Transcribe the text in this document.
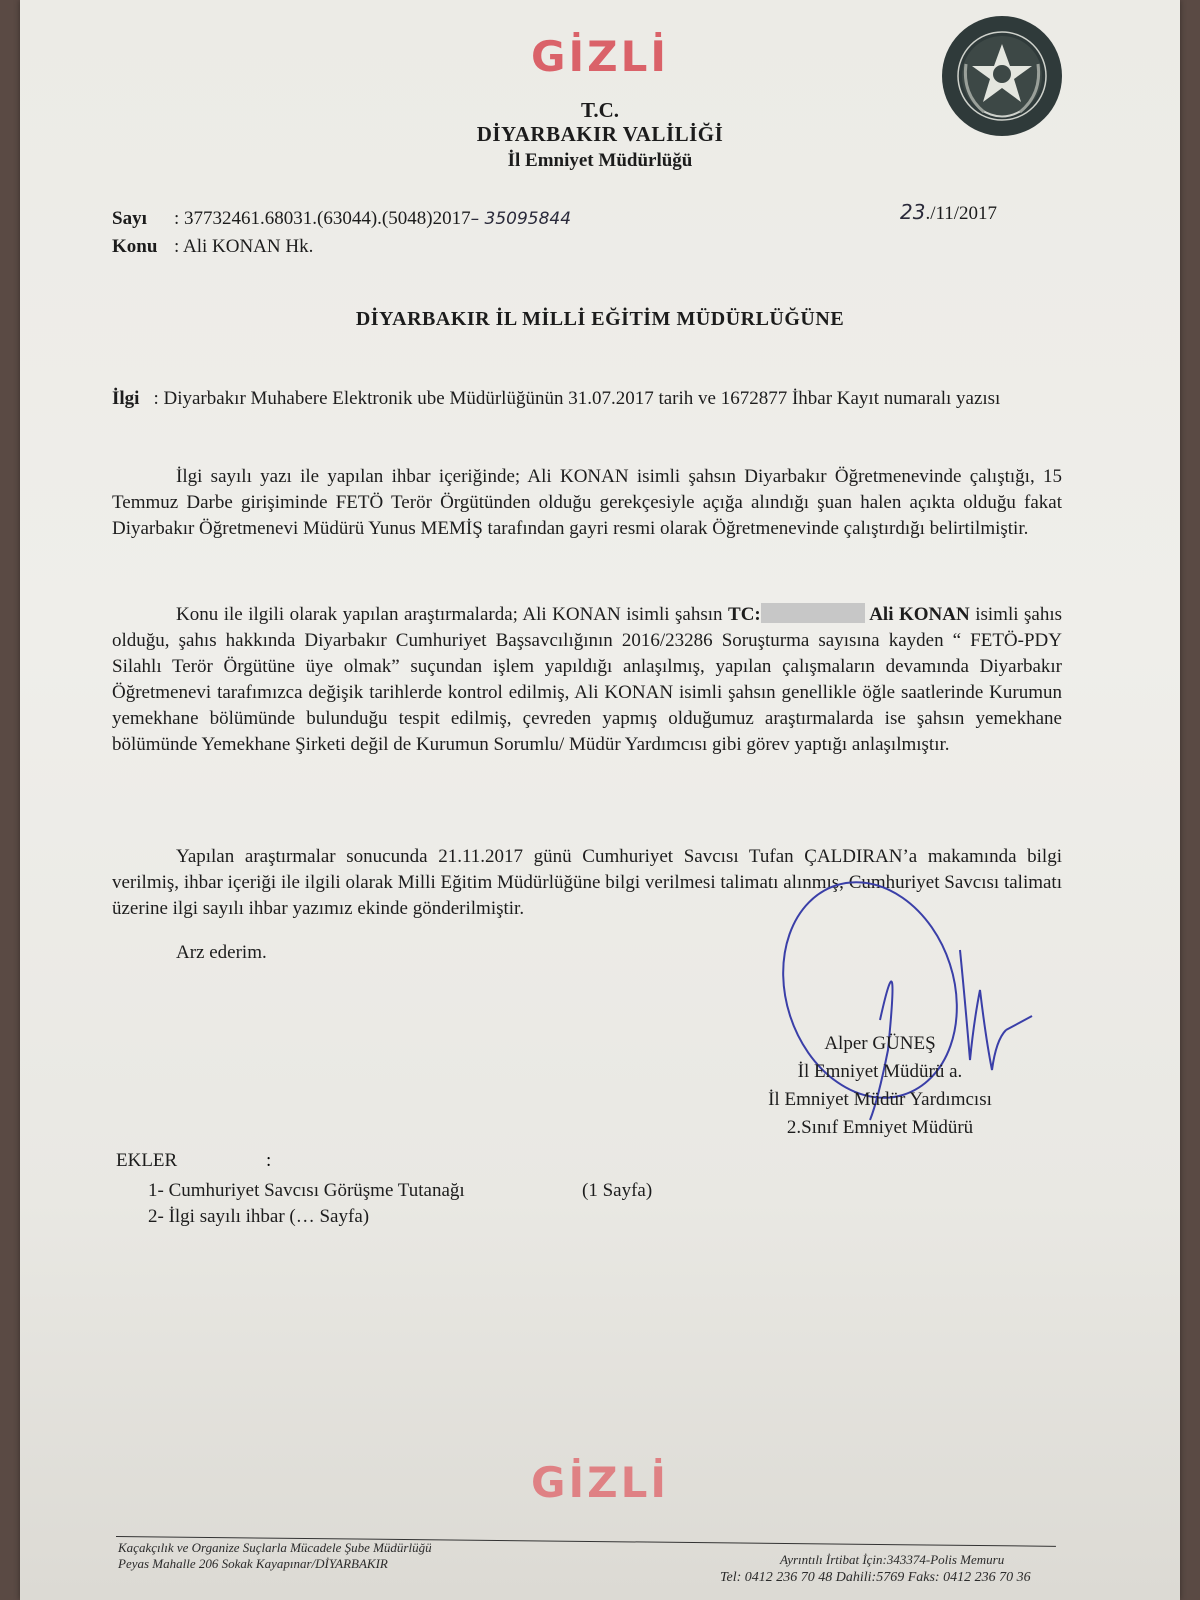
GİZLİ
T.C.
DİYARBAKIR VALİLİĞİ
İl Emniyet Müdürlüğü
Sayı : 37732461.68031.(63044).(5048)2017– 35095844
Konu : Ali KONAN Hk.
23./11/2017
DİYARBAKIR İL MİLLİ EĞİTİM MÜDÜRLÜĞÜNE
İlgi : Diyarbakır Muhabere Elektronik ube Müdürlüğünün 31.07.2017 tarih ve 1672877 İhbar Kayıt numaralı yazısı
İlgi sayılı yazı ile yapılan ihbar içeriğinde; Ali KONAN isimli şahsın Diyarbakır Öğretmenevinde çalıştığı, 15 Temmuz Darbe girişiminde FETÖ Terör Örgütünden olduğu gerekçesiyle açığa alındığı şuan halen açıkta olduğu fakat Diyarbakır Öğretmenevi Müdürü Yunus MEMİŞ tarafından gayri resmi olarak Öğretmenevinde çalıştırdığı belirtilmiştir.
Konu ile ilgili olarak yapılan araştırmalarda; Ali KONAN isimli şahsın TC:	Ali KONAN isimli şahıs olduğu, şahıs hakkında Diyarbakır Cumhuriyet Başsavcılığının 2016/23286 Soruşturma sayısına kayden “ FETÖ-PDY Silahlı Terör Örgütüne üye olmak” suçundan işlem yapıldığı anlaşılmış, yapılan çalışmaların devamında Diyarbakır Öğretmenevi tarafımızca değişik tarihlerde kontrol edilmiş, Ali KONAN isimli şahsın genellikle öğle saatlerinde Kurumun yemekhane bölümünde bulunduğu tespit edilmiş, çevreden yapmış olduğumuz araştırmalarda ise şahsın yemekhane bölümünde Yemekhane Şirketi değil de Kurumun Sorumlu/ Müdür Yardımcısı gibi görev yaptığı anlaşılmıştır.
Yapılan araştırmalar sonucunda 21.11.2017 günü Cumhuriyet Savcısı Tufan ÇALDIRAN’a makamında bilgi verilmiş, ihbar içeriği ile ilgili olarak Milli Eğitim Müdürlüğüne bilgi verilmesi talimatı alınmış, Cumhuriyet Savcısı talimatı üzerine ilgi sayılı ihbar yazımız ekinde gönderilmiştir.
Arz ederim.
Alper GÜNEŞ
İl Emniyet Müdürü a.
İl Emniyet Müdür Yardımcısı
2.Sınıf Emniyet Müdürü
EKLER	:
1- Cumhuriyet Savcısı Görüşme Tutanağı	(1 Sayfa)
2- İlgi sayılı ihbar (… Sayfa)
GİZLİ
Kaçakçılık ve Organize Suçlarla Mücadele Şube Müdürlüğü
Peyas Mahalle 206 Sokak Kayapınar/DİYARBAKIR	Ayrıntılı İrtibat İçin:343374-Polis Memuru
Tel: 0412 236 70 48 Dahili:5769 Faks: 0412 236 70 36
